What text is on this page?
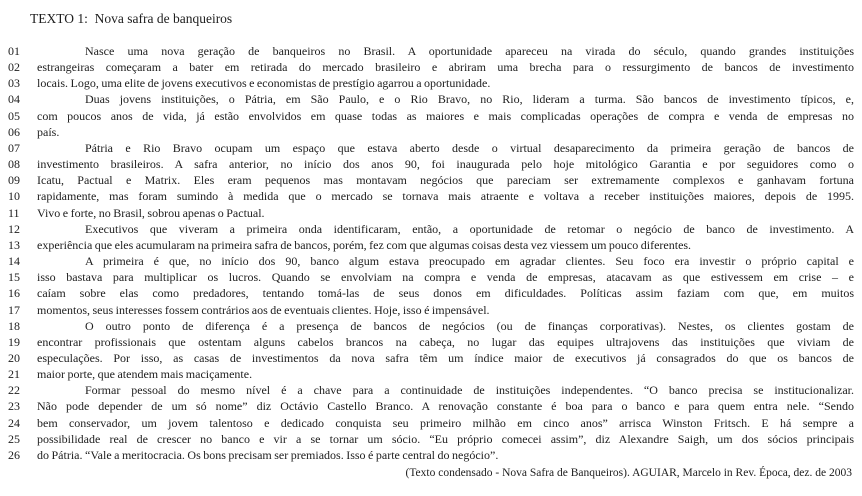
TEXTO 1:  Nova safra de banqueiros
01	Nasce uma nova geração de banqueiros no Brasil. A oportunidade apareceu na virada do século, quando grandes instituições
02	estrangeiras começaram a bater em retirada do mercado brasileiro e abriram uma brecha para o ressurgimento de bancos de investimento
03	locais. Logo, uma elite de jovens executivos e economistas de prestígio agarrou a oportunidade.
04	Duas jovens instituições, o Pátria, em São Paulo, e o Rio Bravo, no Rio, lideram a turma. São bancos de investimento típicos, e,
05	com poucos anos de vida, já estão envolvidos em quase todas as maiores e mais complicadas operações de compra e venda de empresas no
06	país.
07	Pátria e Rio Bravo ocupam um espaço que estava aberto desde o virtual desaparecimento da primeira geração de bancos de
08	investimento brasileiros. A safra anterior, no início dos anos 90, foi inaugurada pelo hoje mitológico Garantia e por seguidores como o
09	Icatu, Pactual e Matrix. Eles eram pequenos mas montavam negócios que pareciam ser extremamente complexos e ganhavam fortuna
10	rapidamente, mas foram sumindo à medida que o mercado se tornava mais atraente e voltava a receber instituições maiores, depois de 1995.
11	Vivo e forte, no Brasil, sobrou apenas o Pactual.
12	Executivos que viveram a primeira onda identificaram, então, a oportunidade de retomar o negócio de banco de investimento. A
13	experiência que eles acumularam na primeira safra de bancos, porém, fez com que algumas coisas desta vez viessem um pouco diferentes.
14	A primeira é que, no início dos 90, banco algum estava preocupado em agradar clientes. Seu foco era investir o próprio capital e
15	isso bastava para multiplicar os lucros. Quando se envolviam na compra e venda de empresas, atacavam as que estivessem em crise – e
16	caíam sobre elas como predadores, tentando tomá-las de seus donos em dificuldades. Políticas assim faziam com que, em muitos
17	momentos, seus interesses fossem contrários aos de eventuais clientes. Hoje, isso é impensável.
18	O outro ponto de diferença é a presença de bancos de negócios (ou de finanças corporativas). Nestes, os clientes gostam de
19	encontrar profissionais que ostentam alguns cabelos brancos na cabeça, no lugar das equipes ultrajovens das instituições que viviam de
20	especulações. Por isso, as casas de investimentos da nova safra têm um índice maior de executivos já consagrados do que os bancos de
21	maior porte, que atendem mais maciçamente.
22	Formar pessoal do mesmo nível é a chave para a continuidade de instituições independentes. “O banco precisa se institucionalizar.
23	Não pode depender de um só nome” diz Octávio Castello Branco. A renovação constante é boa para o banco e para quem entra nele. “Sendo
24	bem conservador, um jovem talentoso e dedicado conquista seu primeiro milhão em cinco anos” arrisca Winston Fritsch. E há sempre a
25	possibilidade real de crescer no banco e vir a se tornar um sócio. “Eu próprio comecei assim”, diz Alexandre Saigh, um dos sócios principais
26	do Pátria. “Vale a meritocracia. Os bons precisam ser premiados. Isso é parte central do negócio”.
(Texto condensado - Nova Safra de Banqueiros). AGUIAR, Marcelo in Rev. Época, dez. de 2003
